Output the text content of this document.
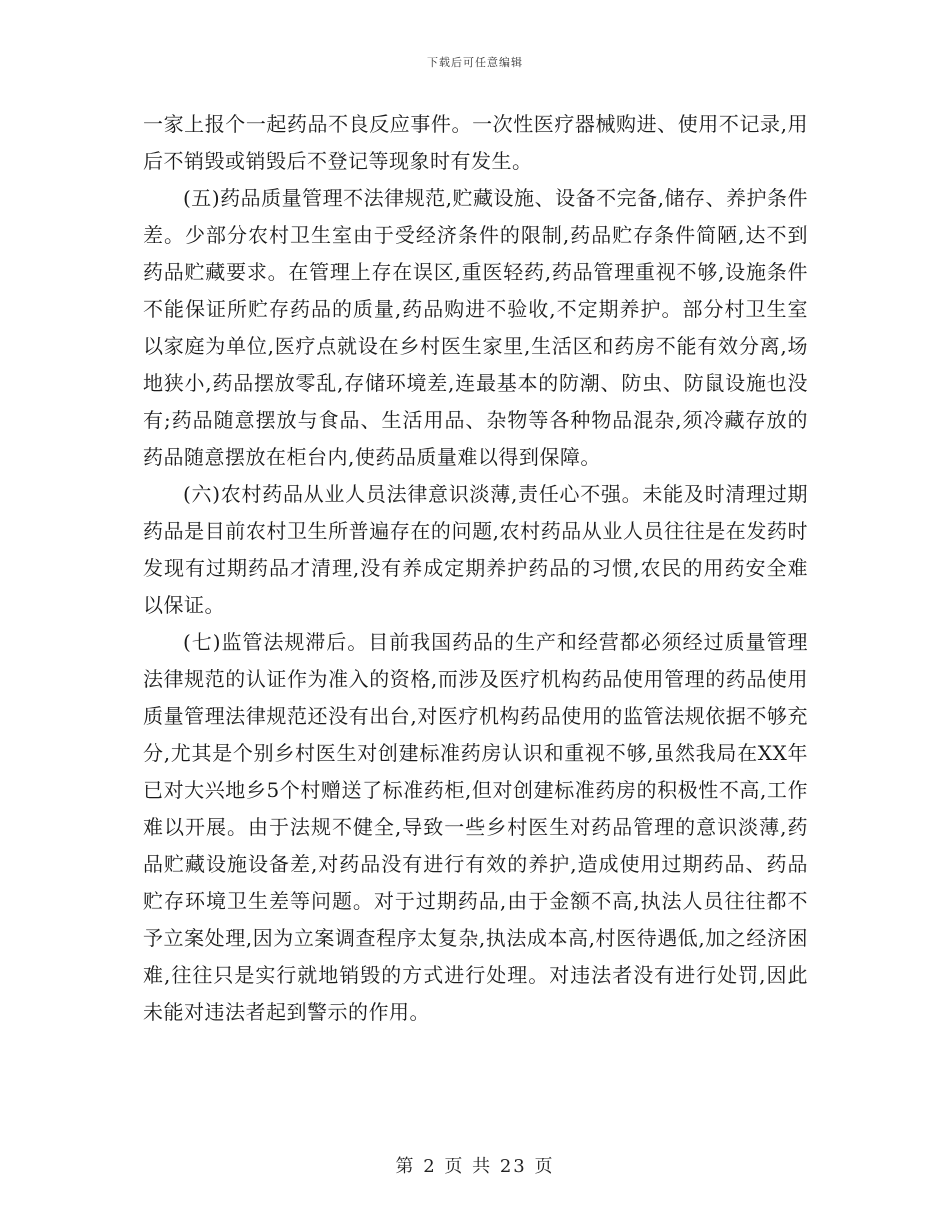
下载后可任意编辑

一家上报个一起药品不良反应事件。一次性医疗器械购进、使用不记录,用后不销毁或销毁后不登记等现象时有发生。

(五)药品质量管理不法律规范,贮藏设施、设备不完备,储存、养护条件差。少部分农村卫生室由于受经济条件的限制,药品贮存条件简陋,达不到药品贮藏要求。在管理上存在误区,重医轻药,药品管理重视不够,设施条件不能保证所贮存药品的质量,药品购进不验收,不定期养护。部分村卫生室以家庭为单位,医疗点就设在乡村医生家里,生活区和药房不能有效分离,场地狭小,药品摆放零乱,存储环境差,连最基本的防潮、防虫、防鼠设施也没有;药品随意摆放与食品、生活用品、杂物等各种物品混杂,须冷藏存放的药品随意摆放在柜台内,使药品质量难以得到保障。

(六)农村药品从业人员法律意识淡薄,责任心不强。未能及时清理过期药品是目前农村卫生所普遍存在的问题,农村药品从业人员往往是在发药时发现有过期药品才清理,没有养成定期养护药品的习惯,农民的用药安全难以保证。

(七)监管法规滞后。目前我国药品的生产和经营都必须经过质量管理法律规范的认证作为准入的资格,而涉及医疗机构药品使用管理的药品使用质量管理法律规范还没有出台,对医疗机构药品使用的监管法规依据不够充分,尤其是个别乡村医生对创建标准药房认识和重视不够,虽然我局在XX年已对大兴地乡5个村赠送了标准药柜,但对创建标准药房的积极性不高,工作难以开展。由于法规不健全,导致一些乡村医生对药品管理的意识淡薄,药品贮藏设施设备差,对药品没有进行有效的养护,造成使用过期药品、药品贮存环境卫生差等问题。对于过期药品,由于金额不高,执法人员往往都不予立案处理,因为立案调查程序太复杂,执法成本高,村医待遇低,加之经济困难,往往只是实行就地销毁的方式进行处理。对违法者没有进行处罚,因此未能对违法者起到警示的作用。

第 2 页 共 23 页
